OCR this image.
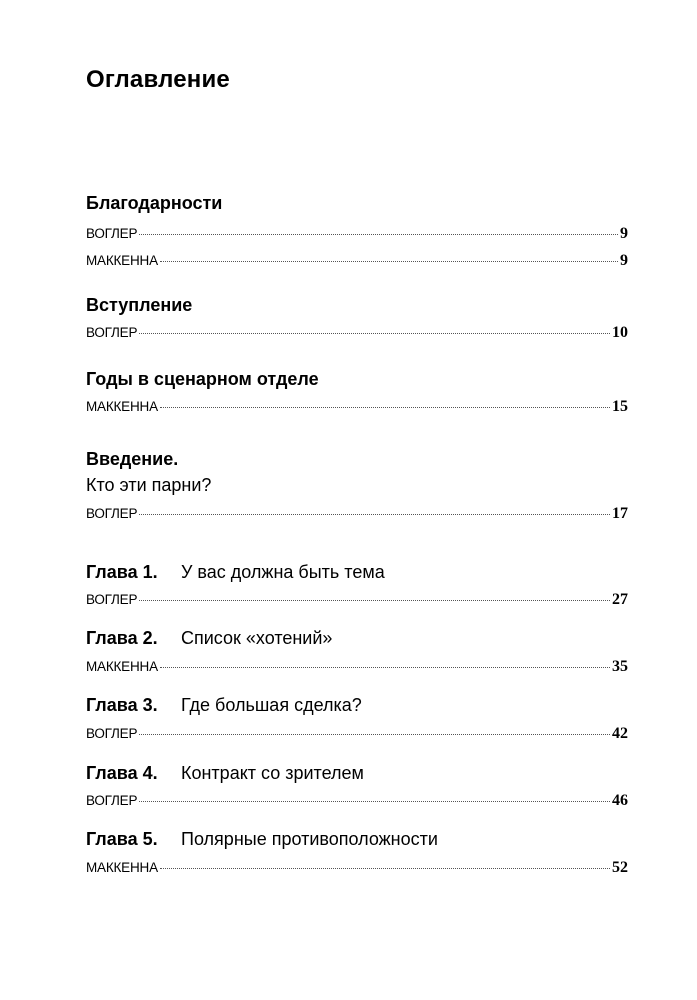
Оглавление
Благодарности
ВОГЛЕР	9
МАККЕННА	9
Вступление
ВОГЛЕР	10
Годы в сценарном отделе
МАККЕННА	15
Введение.
Кто эти парни?
ВОГЛЕР	17
Глава 1. У вас должна быть тема
ВОГЛЕР	27
Глава 2. Список «хотений»
МАККЕННА	35
Глава 3. Где большая сделка?
ВОГЛЕР	42
Глава 4. Контракт со зрителем
ВОГЛЕР	46
Глава 5. Полярные противоположности
МАККЕННА	52
